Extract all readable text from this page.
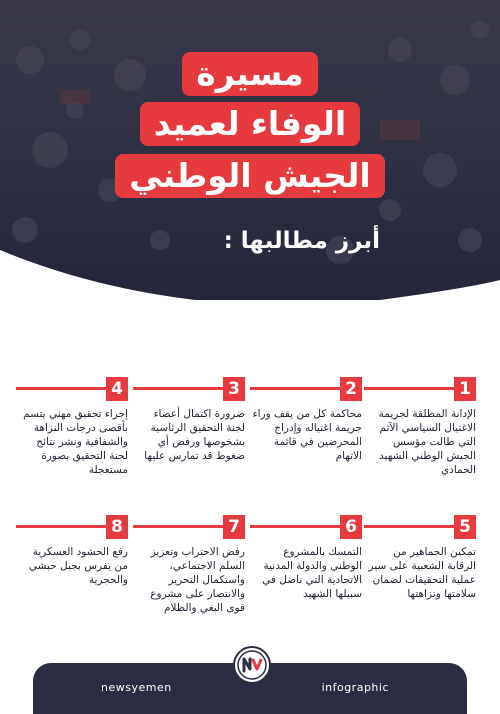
مسيرة
الوفاء لعميد
الجيش الوطني
أبرز مطالبها :
1
الإدانة المطلقة لجريمة الاغتيال السياسي الآثم التي طالت مؤسس الجيش الوطني الشهيد الحمادي
2
محاكمة كل من يقف وراء جريمة اغتياله وإدراج المحرضين في قائمة الاتهام
3
ضرورة اكتمال أعضاء لجنة التحقيق الرئاسية بشخوصها ورفض أي ضغوط قد تمارس عليها
4
إجراء تحقيق مهني يتسم بأقصى درجات النزاهة والشفافية ونشر نتائج لجنة التحقيق بصورة مستعجلة
5
تمكين الجماهير من الرقابة الشعبية على سير عملية التحقيقات لضمان سلامتها ونزاهتها
6
التمسك بالمشروع الوطني والدولة المدنية الاتحادية التي ناضل في سبيلها الشهيد
7
رفض الاحتراب وتعزيز السلم الاجتماعي، واستكمال التحرير والانتصار على مشروع قوى البغي والظلام
8
رفع الحشود العسكرية من يفرس بجبل حبشي والحجرية
newsyemen	infographic
